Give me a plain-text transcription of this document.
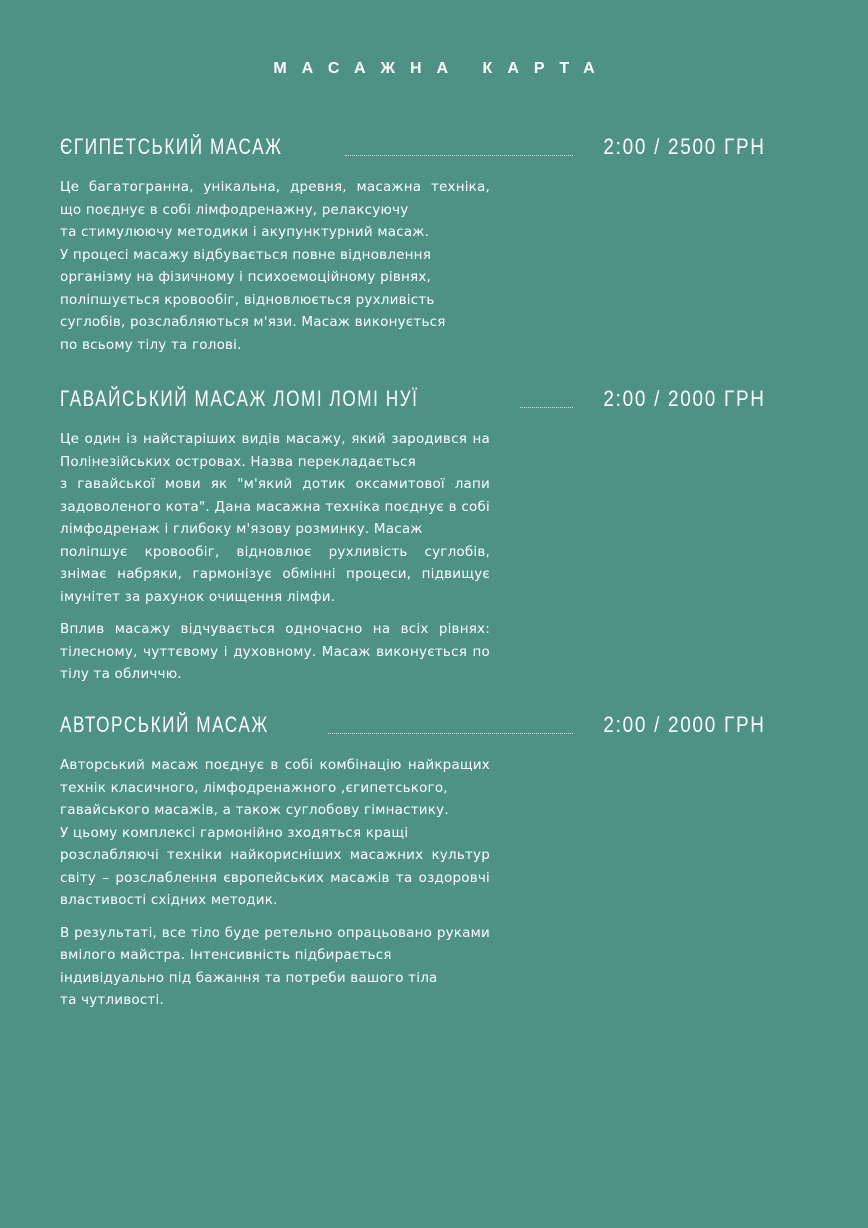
МАСАЖНА КАРТА
ЄГИПЕТСЬКИЙ МАСАЖ	2:00 / 2500 ГРН

Це багатогранна, унікальна, древня, масажна техніка,
що поєднує в собі лімфодренажну, релаксуючу
та стимулюючу методики і акупунктурний масаж.
У процесі масажу відбувається повне відновлення
організму на фізичному і психоемоційному рівнях,
поліпшується кровообіг, відновлюється рухливість
суглобів, розслабляються м'язи. Масаж виконується
по всьому тілу та голові.

ГАВАЙСЬКИЙ МАСАЖ ЛОМІ ЛОМІ НУЇ	2:00 / 2000 ГРН

Це один із найстаріших видів масажу, який зародився на
Полінезійських островах. Назва перекладається
з гавайської мови як "м'який дотик оксамитової лапи
задоволеного кота". Дана масажна техніка поєднує в собі
лімфодренаж і глибоку м'язову розминку. Масаж
поліпшує кровообіг, відновлює рухливість суглобів,
знімає набряки, гармонізує обмінні процеси, підвищує
імунітет за рахунок очищення лімфи.

Вплив масажу відчувається одночасно на всіх рівнях:
тілесному, чуттєвому і духовному. Масаж виконується по
тілу та обличчю.

АВТОРСЬКИЙ МАСАЖ	2:00 / 2000 ГРН

Авторський масаж поєднує в собі комбінацію найкращих
технік класичного, лімфодренажного ,єгипетського,
гавайського масажів, а також суглобову гімнастику.
У цьому комплексі гармонійно зходяться кращі
розслабляючі техніки найкорисніших масажних культур
світу – розслаблення європейських масажів та оздоровчі
властивості східних методик.

В результаті, все тіло буде ретельно опрацьовано руками
вмілого майстра. Інтенсивність підбирається
індивідуально під бажання та потреби вашого тіла
та чутливості.
